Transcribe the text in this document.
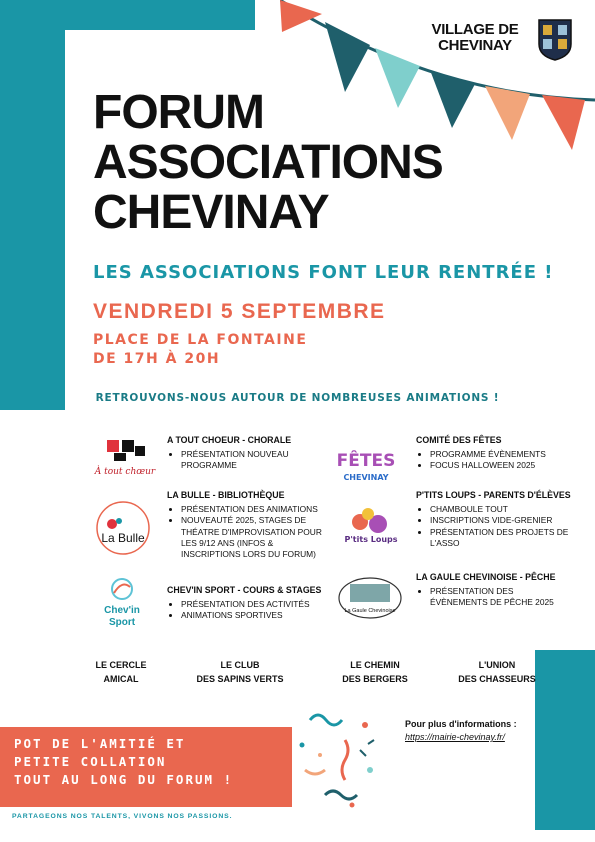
VILLAGE DE
CHEVINAY
FORUM
ASSOCIATIONS
CHEVINAY
LES ASSOCIATIONS FONT LEUR RENTRÉE !
VENDREDI 5 SEPTEMBRE
PLACE DE LA FONTAINE
DE 17H À 20H
RETROUVONS-NOUS AUTOUR DE NOMBREUSES ANIMATIONS !
À tout chœur
La Bulle
Chev'in
Sport
FÊTES
CHEVINAY
P'tits Loups
La Gaule Chevinoise
A TOUT CHOEUR - CHORALE
• PRÉSENTATION NOUVEAU PROGRAMME
LA BULLE - BIBLIOTHÈQUE
• PRÉSENTATION DES ANIMATIONS
• NOUVEAUTÉ 2025, STAGES DE THÉATRE D'IMPROVISATION POUR LES 9/12 ANS (INFOS & INSCRIPTIONS LORS DU FORUM)
CHEV'IN SPORT - COURS & STAGES
• PRÉSENTATION DES ACTIVITÉS
• ANIMATIONS SPORTIVES
COMITÉ DES FÊTES
• PROGRAMME ÉVÈNEMENTS
• FOCUS HALLOWEEN 2025
P'TITS LOUPS - PARENTS D'ÉLÈVES
• CHAMBOULE TOUT
• INSCRIPTIONS VIDE-GRENIER
• PRÉSENTATION DES PROJETS DE L'ASSO
LA GAULE CHEVINOISE - PÊCHE
• PRÉSENTATION DES ÉVÈNEMENTS DE PÊCHE 2025
LE CERCLE
AMICAL
LE CLUB
DES SAPINS VERTS
LE CHEMIN
DES BERGERS
L'UNION
DES CHASSEURS
POT DE L'AMITIÉ ET
PETITE COLLATION
TOUT AU LONG DU FORUM !
PARTAGEONS NOS TALENTS, VIVONS NOS PASSIONS.
Pour plus d'informations :
https://mairie-chevinay.fr/
Imprimé par nos soins.
Ne pas jeter sur la voie publique
